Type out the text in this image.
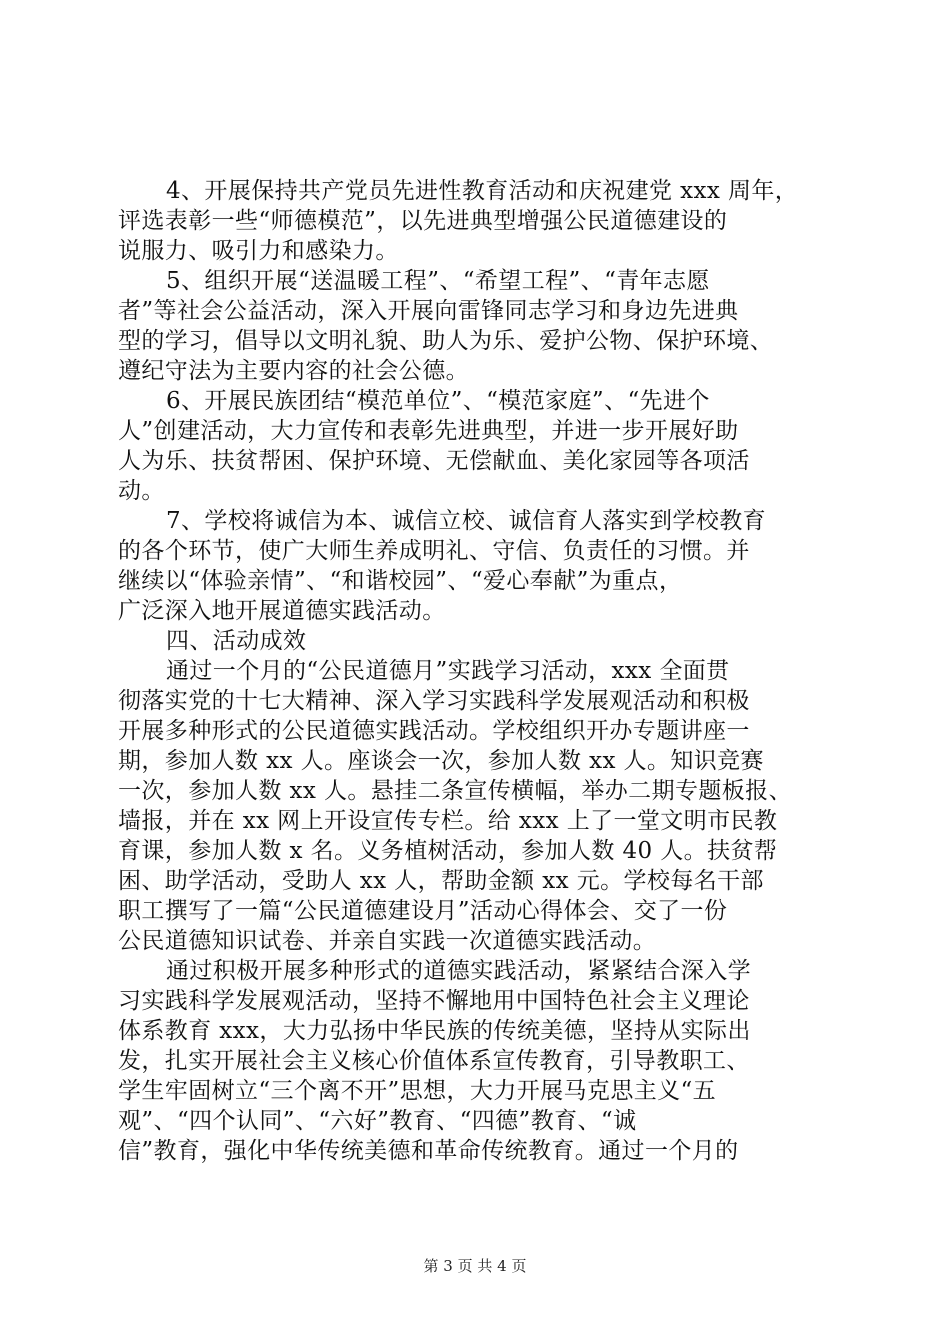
4、开展保持共产党员先进性教育活动和庆祝建党 xxx 周年，
评选表彰一些“师德模范”，以先进典型增强公民道德建设的
说服力、吸引力和感染力。
5、组织开展“送温暖工程”、“希望工程”、“青年志愿
者”等社会公益活动，深入开展向雷锋同志学习和身边先进典
型的学习，倡导以文明礼貌、助人为乐、爱护公物、保护环境、
遵纪守法为主要内容的社会公德。
6、开展民族团结“模范单位”、“模范家庭”、“先进个
人”创建活动，大力宣传和表彰先进典型，并进一步开展好助
人为乐、扶贫帮困、保护环境、无偿献血、美化家园等各项活
动。
7、学校将诚信为本、诚信立校、诚信育人落实到学校教育
的各个环节，使广大师生养成明礼、守信、负责任的习惯。并
继续以“体验亲情”、“和谐校园”、“爱心奉献”为重点，
广泛深入地开展道德实践活动。
四、活动成效
通过一个月的“公民道德月”实践学习活动，xxx 全面贯
彻落实党的十七大精神、深入学习实践科学发展观活动和积极
开展多种形式的公民道德实践活动。学校组织开办专题讲座一
期，参加人数 xx 人。座谈会一次，参加人数 xx 人。知识竞赛
一次，参加人数 xx 人。悬挂二条宣传横幅，举办二期专题板报、
墙报，并在 xx 网上开设宣传专栏。给 xxx 上了一堂文明市民教
育课，参加人数 x 名。义务植树活动，参加人数 40 人。扶贫帮
困、助学活动，受助人 xx 人，帮助金额 xx 元。学校每名干部
职工撰写了一篇“公民道德建设月”活动心得体会、交了一份
公民道德知识试卷、并亲自实践一次道德实践活动。
通过积极开展多种形式的道德实践活动，紧紧结合深入学
习实践科学发展观活动，坚持不懈地用中国特色社会主义理论
体系教育 xxx，大力弘扬中华民族的传统美德，坚持从实际出
发，扎实开展社会主义核心价值体系宣传教育，引导教职工、
学生牢固树立“三个离不开”思想，大力开展马克思主义“五
观”、“四个认同”、“六好”教育、“四德”教育、“诚
信”教育，强化中华传统美德和革命传统教育。通过一个月的
第 3 页 共 4 页
